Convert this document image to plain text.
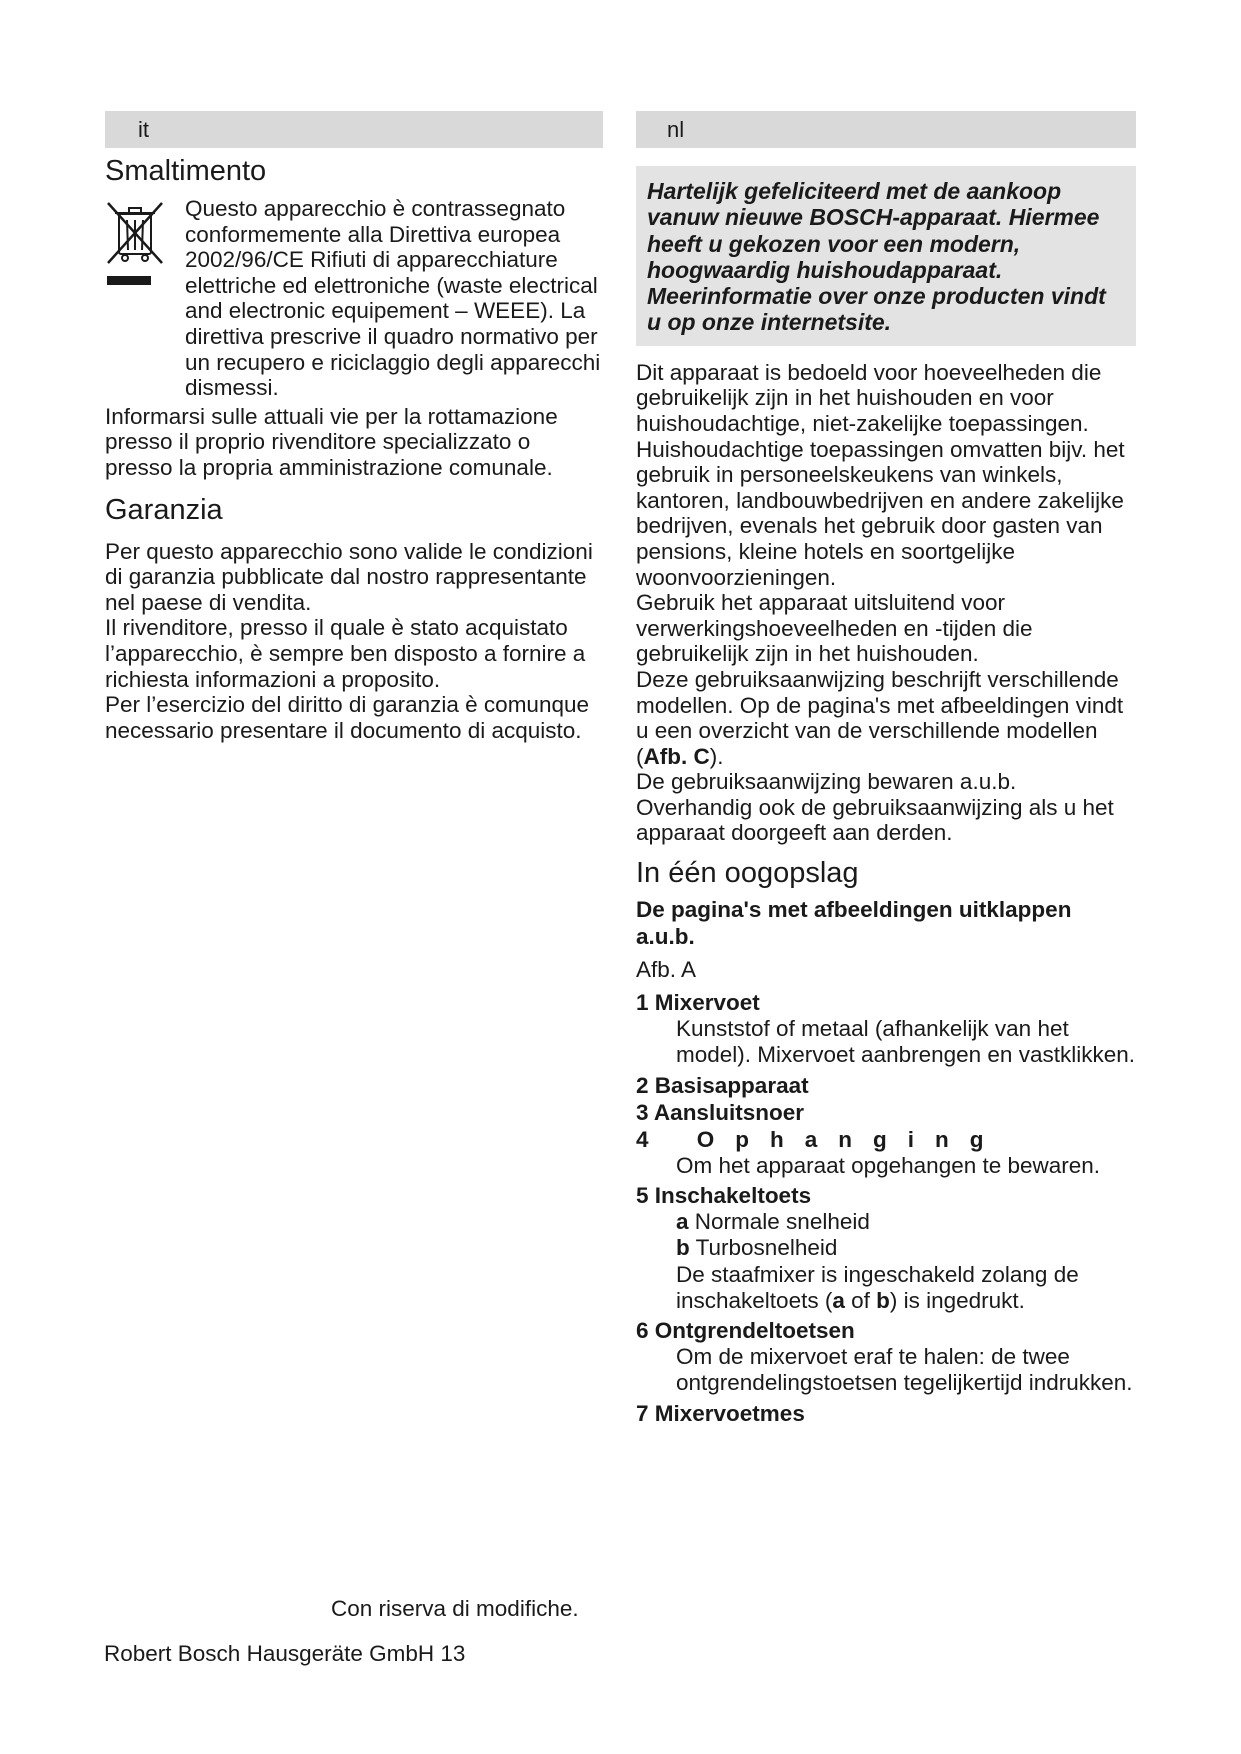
it
Smaltimento

Questo apparecchio è contrassegnato conformemente alla Direttiva europea 2002/96/CE Rifiuti di apparecchiature elettriche ed elettroniche (waste electrical and electronic equipement – WEEE). La direttiva prescrive il quadro normativo per un recupero e riciclaggio degli apparecchi dismessi.

Informarsi sulle attuali vie per la rottamazione presso il proprio rivenditore specializzato o presso la propria amministrazione comunale.

Garanzia

Per questo apparecchio sono valide le condizioni di garanzia pubblicate dal nostro rappresentante nel paese di vendita.

Il rivenditore, presso il quale è stato acquistato l’apparecchio, è sempre ben disposto a fornire a richiesta informazioni a proposito.

Per l’esercizio del diritto di garanzia è comunque necessario presentare il documento di acquisto.

nl
Hartelijk gefeliciteerd met de aankoop vanuw nieuwe BOSCH-apparaat. Hiermee heeft u gekozen voor een modern, hoogwaardig huishoudapparaat. Meerinformatie over onze producten vindt u op onze internetsite.

Dit apparaat is bedoeld voor hoeveelheden die gebruikelijk zijn in het huishouden en voor huishoudachtige, niet-zakelijke toepassingen. Huishoudachtige toepassingen omvatten bijv. het gebruik in personeelskeukens van winkels, kantoren, landbouwbedrijven en andere zakelijke bedrijven, evenals het gebruik door gasten van pensions, kleine hotels en soortgelijke woonvoorzieningen.

Gebruik het apparaat uitsluitend voor verwerkingshoeveelheden en -tijden die gebruikelijk zijn in het huishouden.

Deze gebruiksaanwijzing beschrijft verschillende modellen. Op de pagina's met afbeeldingen vindt u een overzicht van de verschillende modellen (Afb. C).

De gebruiksaanwijzing bewaren a.u.b.

Overhandig ook de gebruiksaanwijzing als u het apparaat doorgeeft aan derden.

In één oogopslag
De pagina's met afbeeldingen uitklappen a.u.b.
Afb. A
1 Mixervoet
Kunststof of metaal (afhankelijk van het model). Mixervoet aanbrengen en vastklikken.
2 Basisapparaat
3 Aansluitsnoer
4 Ophanging
Om het apparaat opgehangen te bewaren.
5 Inschakeltoets
a Normale snelheid
b Turbosnelheid
De staafmixer is ingeschakeld zolang de inschakeltoets (a of b) is ingedrukt.
6 Ontgrendeltoetsen
Om de mixervoet eraf te halen: de twee ontgrendelingstoetsen tegelijkertijd indrukken.
7 Mixervoetmes
Con riserva di modifiche.
Robert Bosch Hausgeräte GmbH 13
